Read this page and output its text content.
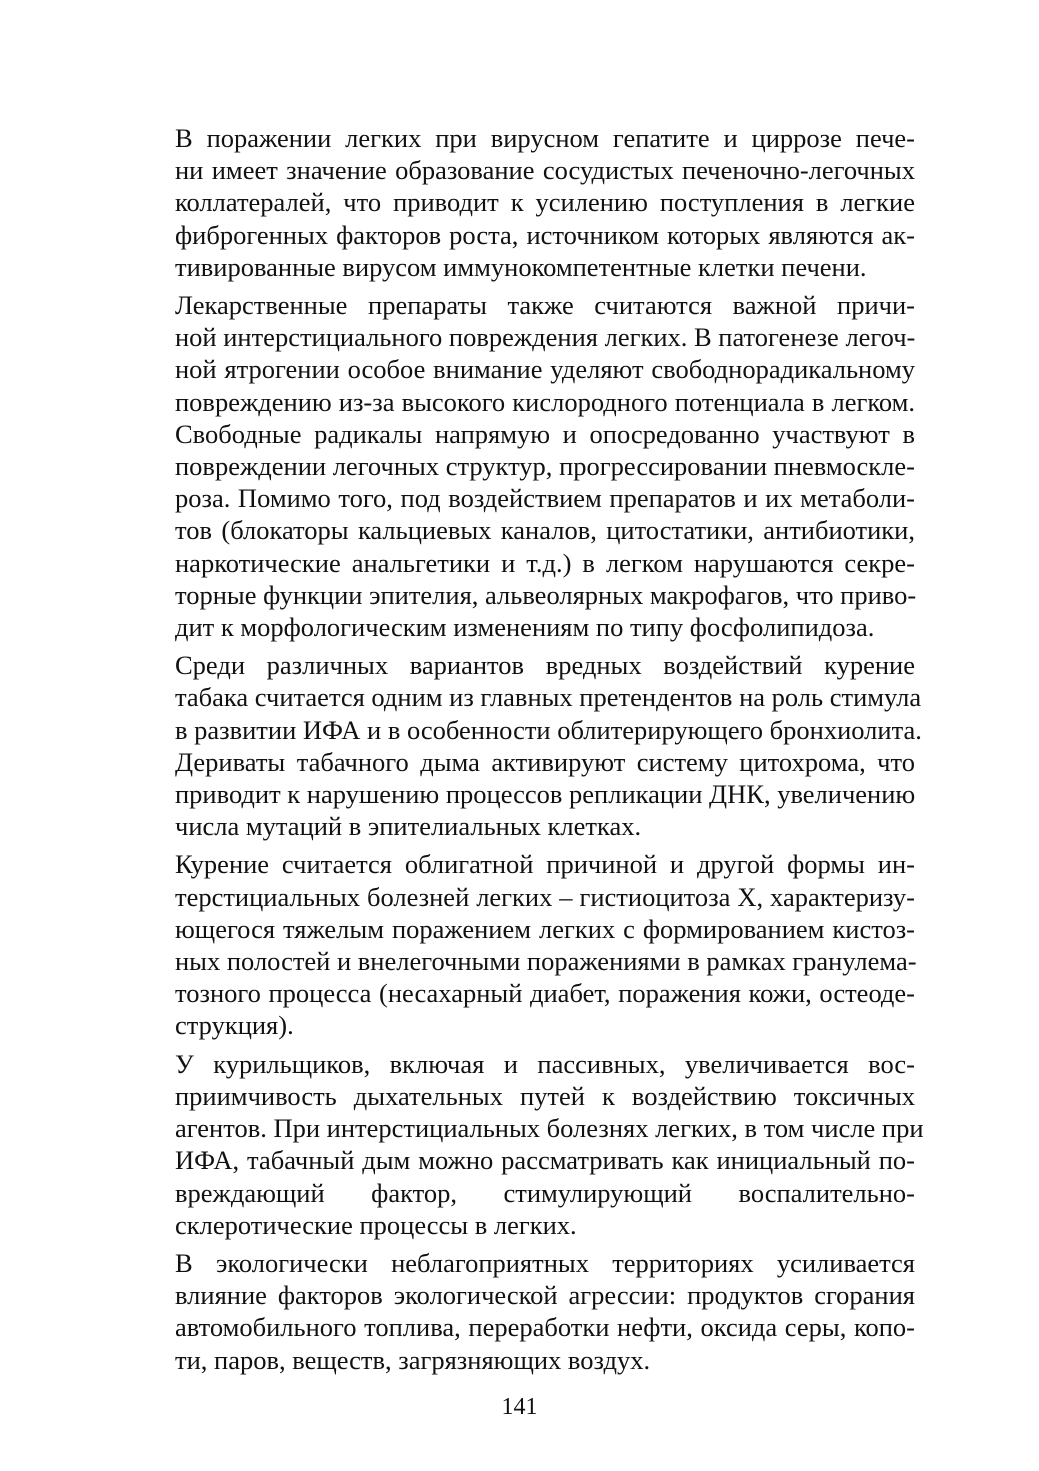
В поражении легких при вирусном гепатите и циррозе пече-
ни имеет значение образование сосудистых печеночно-легочных
коллатералей, что приводит к усилению поступления в легкие
фиброгенных факторов роста, источником которых являются ак-
тивированные вирусом иммунокомпетентные клетки печени.

Лекарственные препараты также считаются важной причи-
ной интерстициального повреждения легких. В патогенезе легоч-
ной ятрогении особое внимание уделяют свободнорадикальному
повреждению из-за высокого кислородного потенциала в легком.
Свободные радикалы напрямую и опосредованно участвуют в
повреждении легочных структур, прогрессировании пневмоскле-
роза. Помимо того, под воздействием препаратов и их метаболи-
тов (блокаторы кальциевых каналов, цитостатики, антибиотики,
наркотические анальгетики и т.д.) в легком нарушаются секре-
торные функции эпителия, альвеолярных макрофагов, что приво-
дит к морфологическим изменениям по типу фосфолипидоза.

Среди различных вариантов вредных воздействий курение
табака считается одним из главных претендентов на роль стимула
в развитии ИФА и в особенности облитерирующего бронхиолита.
Дериваты табачного дыма активируют систему цитохрома, что
приводит к нарушению процессов репликации ДНК, увеличению
числа мутаций в эпителиальных клетках.

Курение считается облигатной причиной и другой формы ин-
терстициальных болезней легких – гистиоцитоза X, характеризу-
ющегося тяжелым поражением легких с формированием кистоз-
ных полостей и внелегочными поражениями в рамках гранулема-
тозного процесса (несахарный диабет, поражения кожи, остеоде-
струкция).

У курильщиков, включая и пассивных, увеличивается вос-
приимчивость дыхательных путей к воздействию токсичных
агентов. При интерстициальных болезнях легких, в том числе при
ИФА, табачный дым можно рассматривать как инициальный по-
вреждающий фактор, стимулирующий воспалительно-
склеротические процессы в легких.

В экологически неблагоприятных территориях усиливается
влияние факторов экологической агрессии: продуктов сгорания
автомобильного топлива, переработки нефти, оксида серы, копо-
ти, паров, веществ, загрязняющих воздух.

141
